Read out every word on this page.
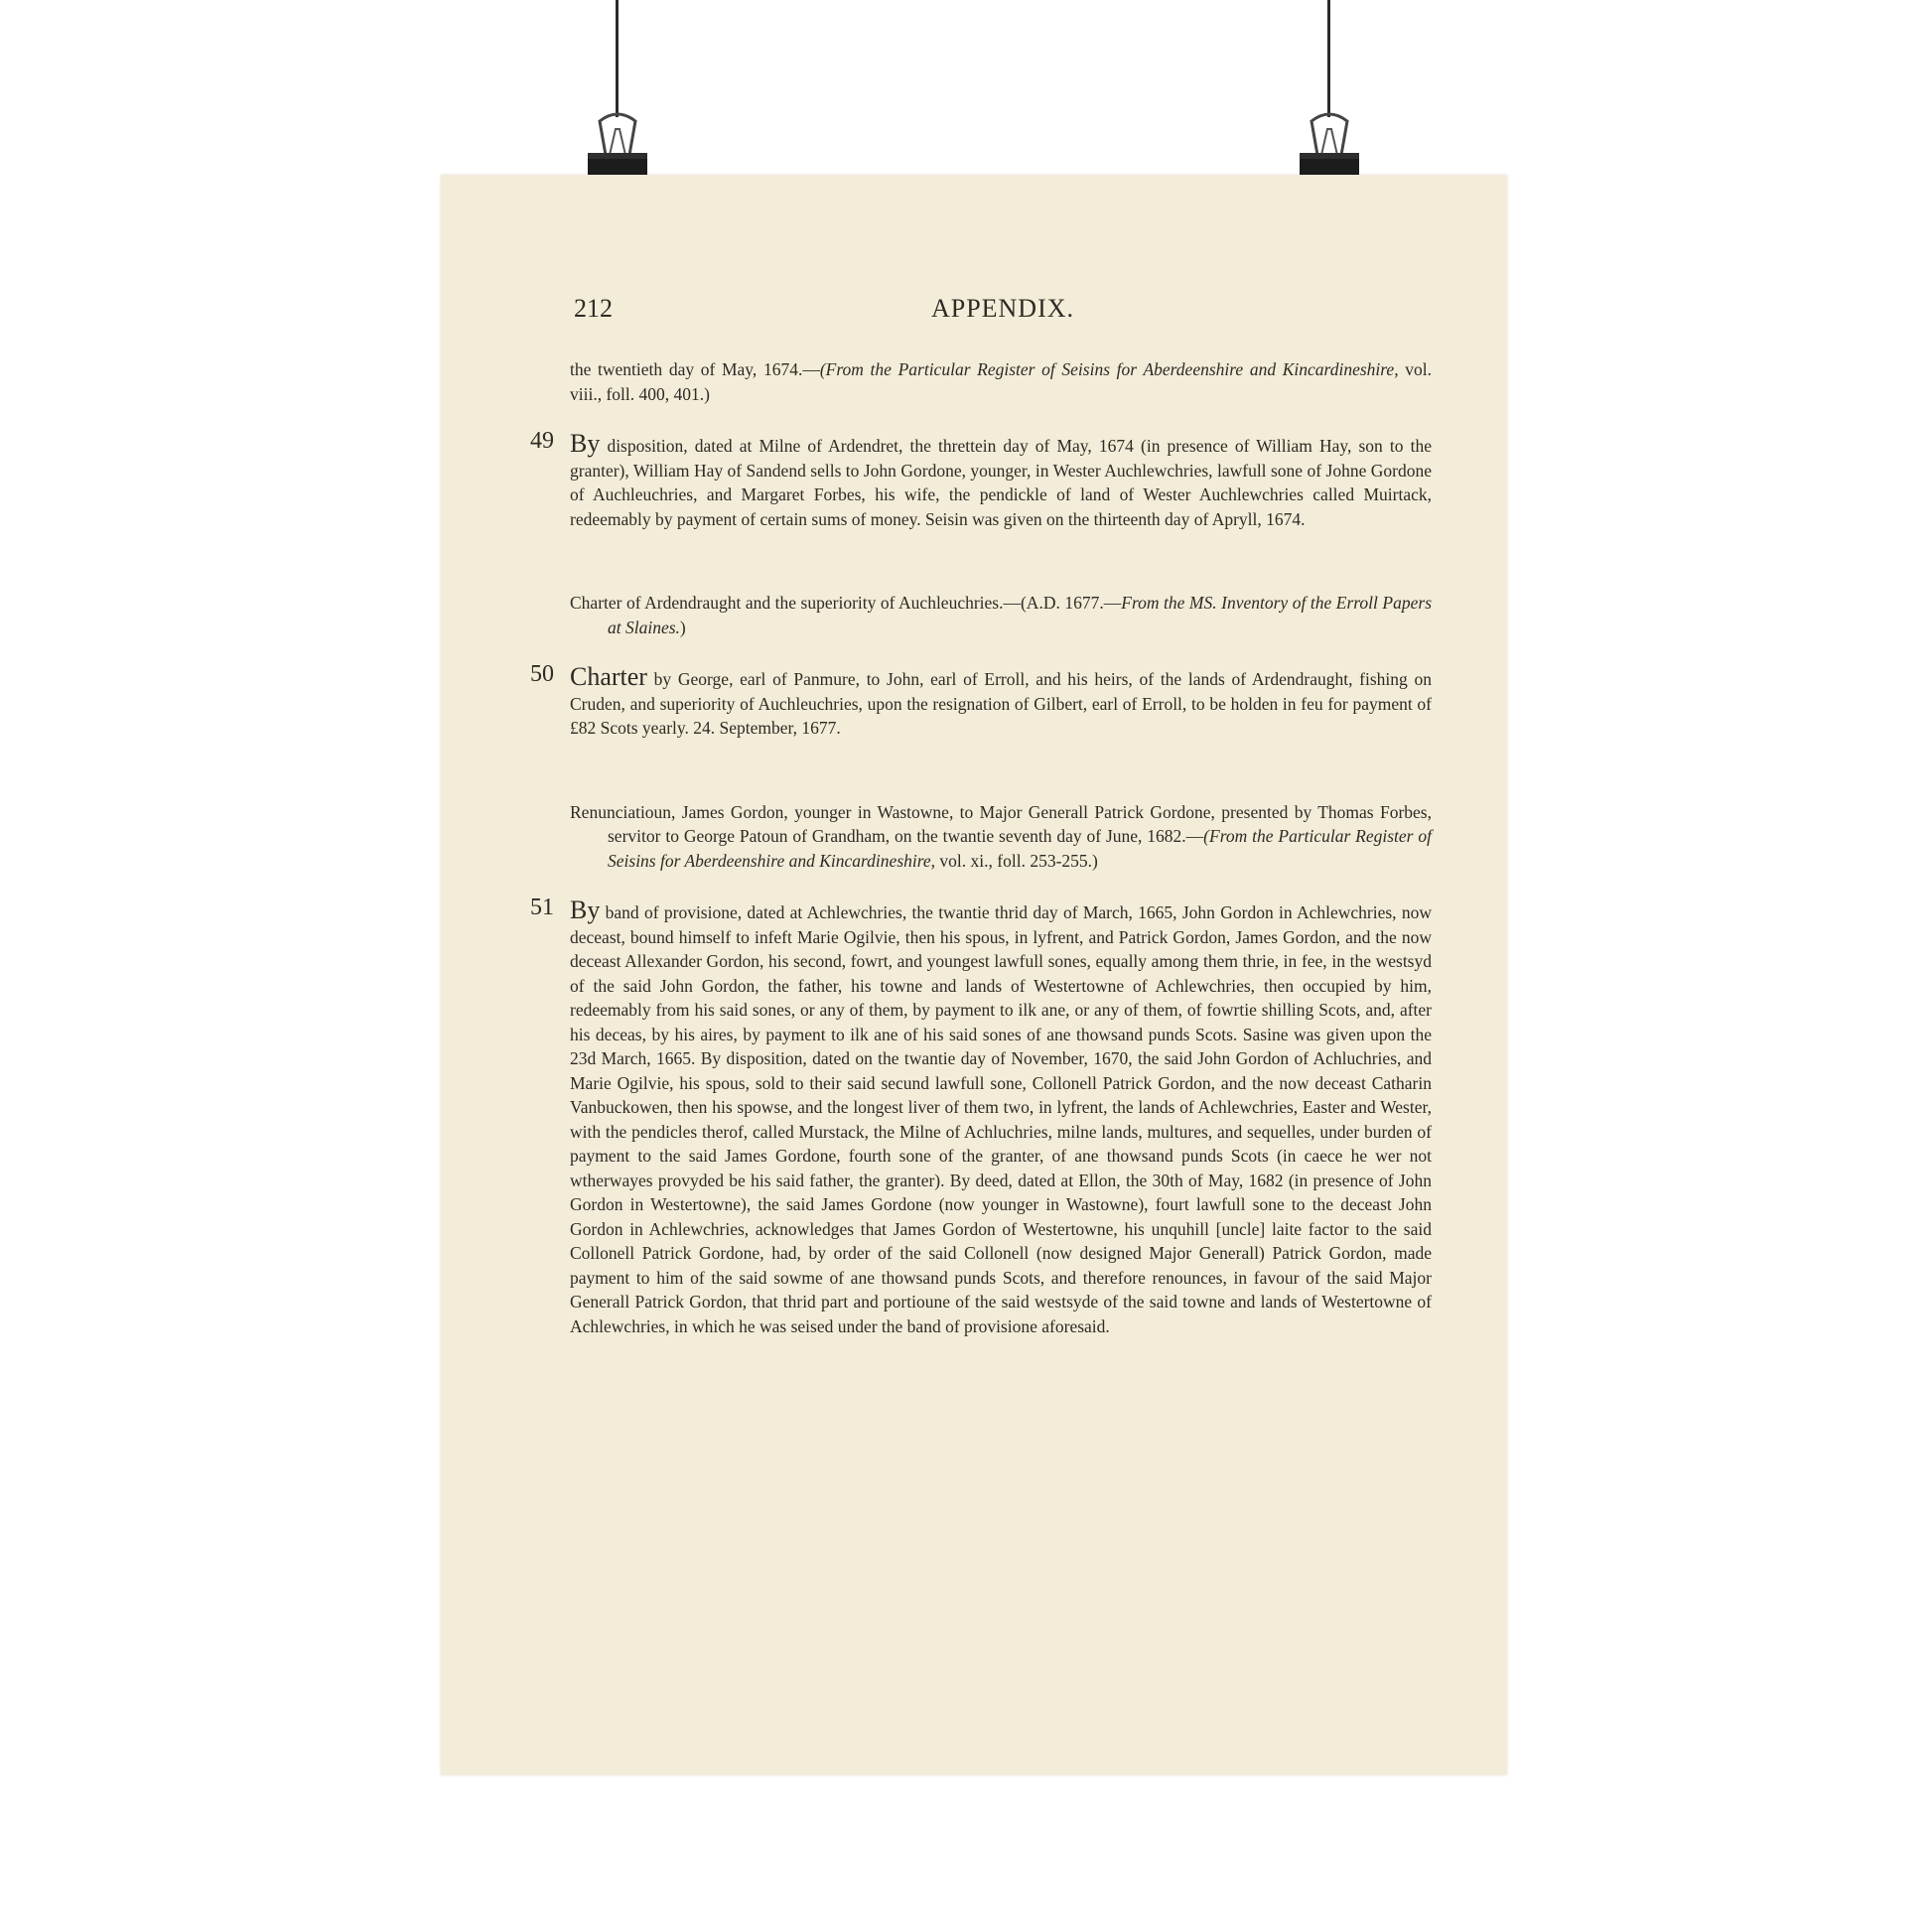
212	APPENDIX.

the twentieth day of May, 1674.—(From the Particular Register of Seisins for Aberdeenshire and Kincardineshire, vol. viii., foll. 400, 401.)

49 By disposition, dated at Milne of Ardendret, the threttein day of May, 1674 (in presence of William Hay, son to the granter), William Hay of Sandend sells to John Gordone, younger, in Wester Auchlewchries, lawfull sone of Johne Gordone of Auchleuchries, and Margaret Forbes, his wife, the pendickle of land of Wester Auchlewchries called Muirtack, redeemably by payment of certain sums of money. Seisin was given on the thirteenth day of Apryll, 1674.

Charter of Ardendraught and the superiority of Auchleuchries.—(A.D. 1677.—From the MS. Inventory of the Erroll Papers at Slaines.)

50 Charter by George, earl of Panmure, to John, earl of Erroll, and his heirs, of the lands of Ardendraught, fishing on Cruden, and superiority of Auchleuchries, upon the resignation of Gilbert, earl of Erroll, to be holden in feu for payment of £82 Scots yearly. 24. September, 1677.

Renunciatioun, James Gordon, younger in Wastowne, to Major Generall Patrick Gordone, presented by Thomas Forbes, servitor to George Patoun of Grandham, on the twantie seventh day of June, 1682.—(From the Particular Register of Seisins for Aberdeenshire and Kincardineshire, vol. xi., foll. 253-255.)

51 By band of provisione, dated at Achlewchries, the twantie thrid day of March, 1665, John Gordon in Achlewchries, now deceast, bound himself to infeft Marie Ogilvie, then his spous, in lyfrent, and Patrick Gordon, James Gordon, and the now deceast Allexander Gordon, his second, fowrt, and youngest lawfull sones, equally among them thrie, in fee, in the westsyd of the said John Gordon, the father, his towne and lands of Westertowne of Achlewchries, then occupied by him, redeemably from his said sones, or any of them, by payment to ilk ane, or any of them, of fowrtie shilling Scots, and, after his deceas, by his aires, by payment to ilk ane of his said sones of ane thowsand punds Scots. Sasine was given upon the 23d March, 1665. By disposition, dated on the twantie day of November, 1670, the said John Gordon of Achluchries, and Marie Ogilvie, his spous, sold to their said secund lawfull sone, Collonell Patrick Gordon, and the now deceast Catharin Vanbuckowen, then his spowse, and the longest liver of them two, in lyfrent, the lands of Achlewchries, Easter and Wester, with the pendicles therof, called Murstack, the Milne of Achluchries, milne lands, multures, and sequelles, under burden of payment to the said James Gordone, fourth sone of the granter, of ane thowsand punds Scots (in caece he wer not wtherwayes provyded be his said father, the granter). By deed, dated at Ellon, the 30th of May, 1682 (in presence of John Gordon in Westertowne), the said James Gordone (now younger in Wastowne), fourt lawfull sone to the deceast John Gordon in Achlewchries, acknowledges that James Gordon of Westertowne, his unquhill [uncle] laite factor to the said Collonell Patrick Gordone, had, by order of the said Collonell (now designed Major Generall) Patrick Gordon, made payment to him of the said sowme of ane thowsand punds Scots, and therefore renounces, in favour of the said Major Generall Patrick Gordon, that thrid part and portioune of the said westsyde of the said towne and lands of Westertowne of Achlewchries, in which he was seised under the band of provisione aforesaid.
